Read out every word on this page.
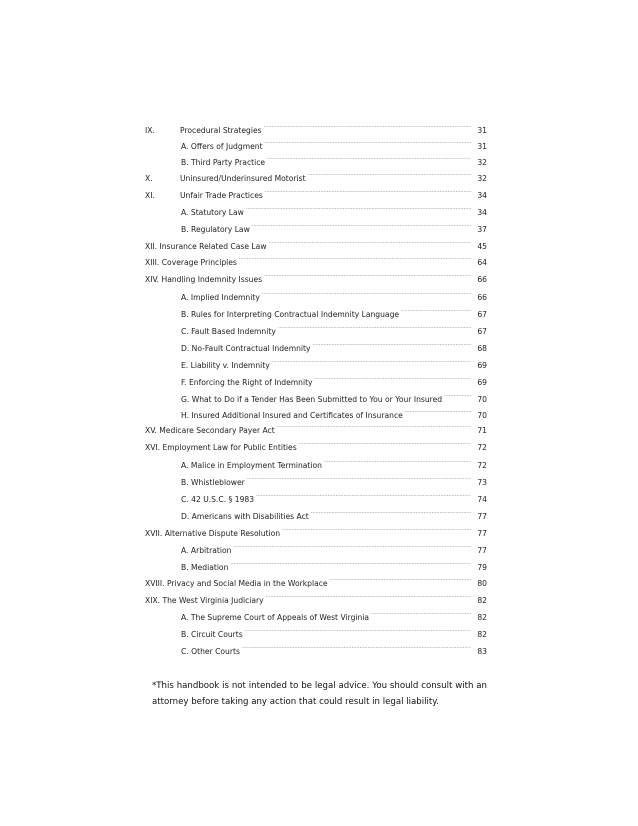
IX.	Procedural Strategies .....	31
A. Offers of Judgment .....	31
B. Third Party Practice .....	32
X.	Uninsured/Underinsured Motorist .....	32
XI.	Unfair Trade Practices .....	34
A. Statutory Law .....	34
B. Regulatory Law .....	37
XII. Insurance Related Case Law .....	45
XIII. Coverage Principles .....	64
XIV. Handling Indemnity Issues .....	66
A. Implied Indemnity .....	66
B. Rules for Interpreting Contractual Indemnity Language .....	67
C. Fault Based Indemnity .....	67
D. No-Fault Contractual Indemnity .....	68
E. Liability v. Indemnity .....	69
F. Enforcing the Right of Indemnity .....	69
G. What to Do if a Tender Has Been Submitted to You or Your Insured .....	70
H. Insured Additional Insured and Certificates of Insurance .....	70
XV. Medicare Secondary Payer Act .....	71
XVI. Employment Law for Public Entities .....	72
A. Malice in Employment Termination .....	72
B. Whistleblower .....	73
C. 42 U.S.C. § 1983 .....	74
D. Americans with Disabilities Act .....	77
XVII. Alternative Dispute Resolution .....	77
A. Arbitration .....	77
B. Mediation .....	79
XVIII. Privacy and Social Media in the Workplace .....	80
XIX. The West Virginia Judiciary .....	82
A. The Supreme Court of Appeals of West Virginia .....	82
B. Circuit Courts .....	82
C. Other Courts .....	83
*This handbook is not intended to be legal advice. You should consult with an attorney before taking any action that could result in legal liability.
